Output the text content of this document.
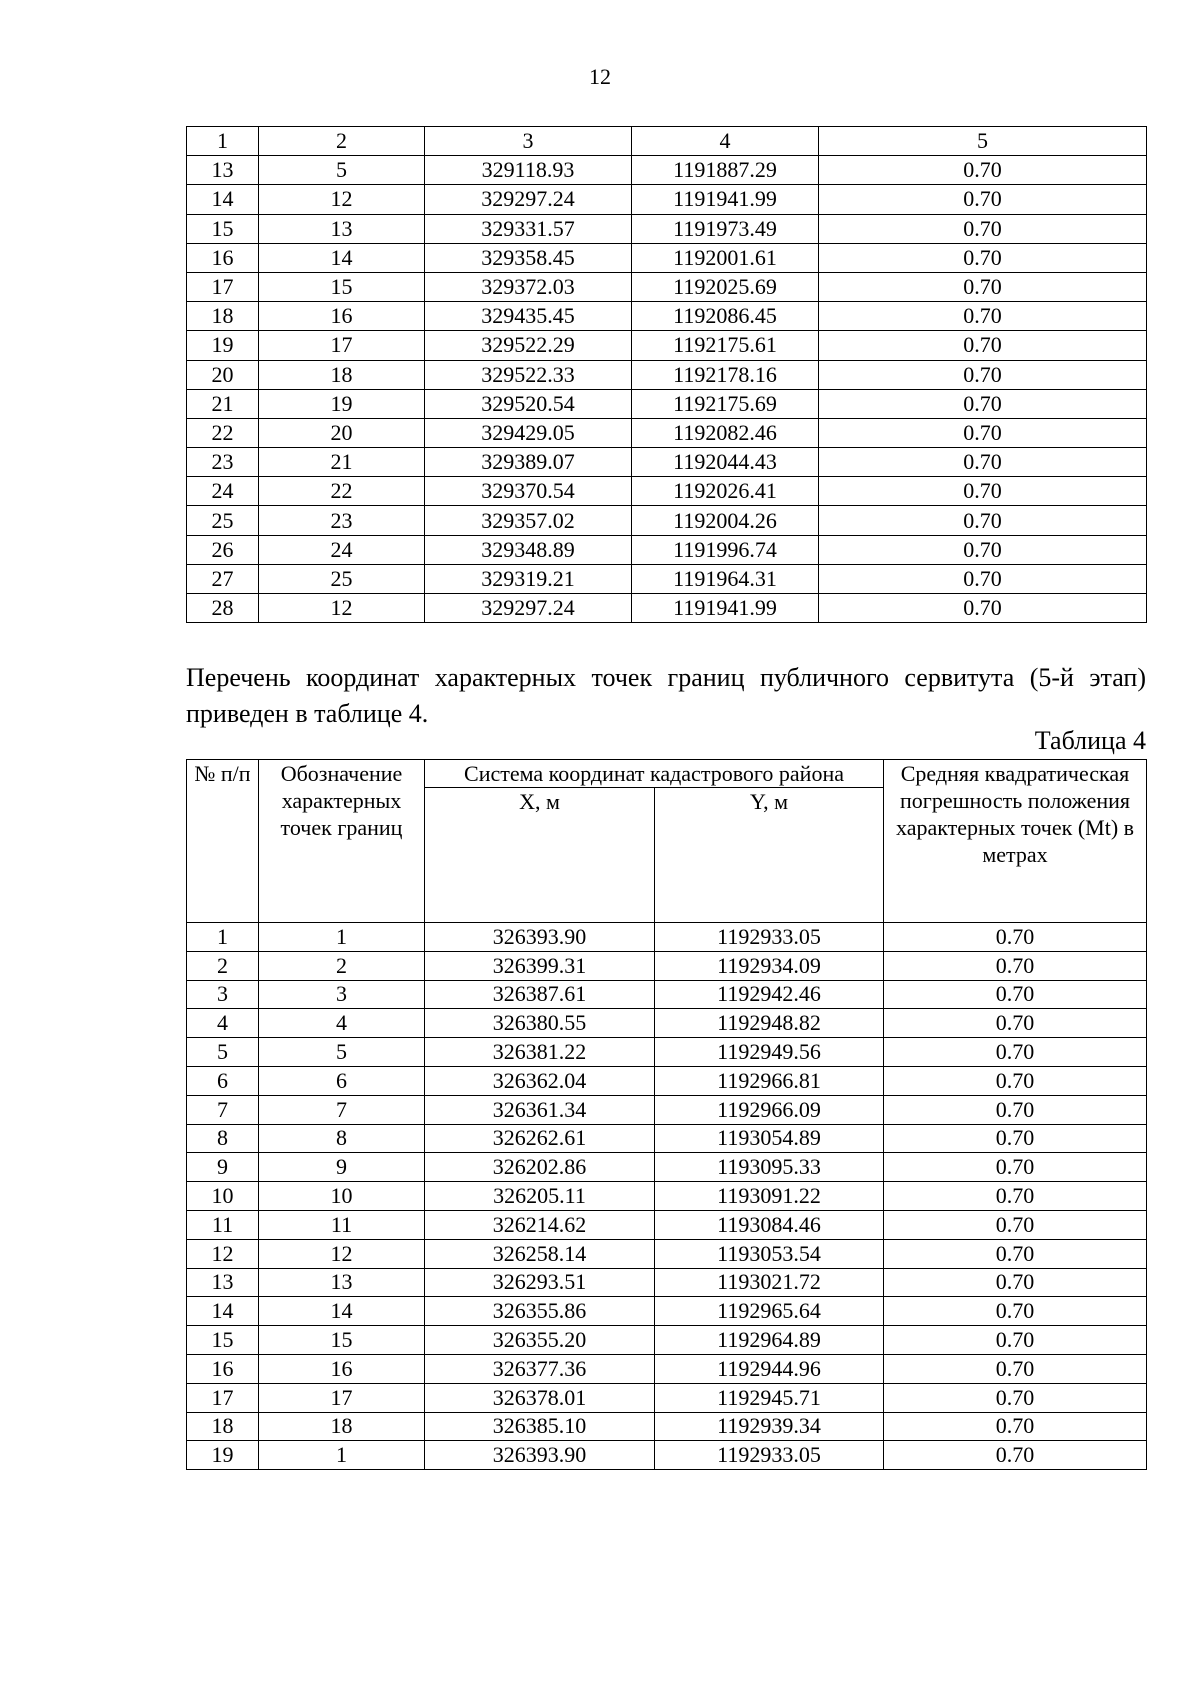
12
1	2	3	4	5
13	5	329118.93	1191887.29	0.70
14	12	329297.24	1191941.99	0.70
15	13	329331.57	1191973.49	0.70
16	14	329358.45	1192001.61	0.70
17	15	329372.03	1192025.69	0.70
18	16	329435.45	1192086.45	0.70
19	17	329522.29	1192175.61	0.70
20	18	329522.33	1192178.16	0.70
21	19	329520.54	1192175.69	0.70
22	20	329429.05	1192082.46	0.70
23	21	329389.07	1192044.43	0.70
24	22	329370.54	1192026.41	0.70
25	23	329357.02	1192004.26	0.70
26	24	329348.89	1191996.74	0.70
27	25	329319.21	1191964.31	0.70
28	12	329297.24	1191941.99	0.70
Перечень координат характерных точек границ публичного сервитута (5-й этап) приведен в таблице 4.
Таблица 4
№ п/п	Обозначение характерных точек границ	Система координат кадастрового района		Средняя квадратическая погрешность положения характерных точек (Mt) в метрах
		X, м	Y, м	
1	1	326393.90	1192933.05	0.70
2	2	326399.31	1192934.09	0.70
3	3	326387.61	1192942.46	0.70
4	4	326380.55	1192948.82	0.70
5	5	326381.22	1192949.56	0.70
6	6	326362.04	1192966.81	0.70
7	7	326361.34	1192966.09	0.70
8	8	326262.61	1193054.89	0.70
9	9	326202.86	1193095.33	0.70
10	10	326205.11	1193091.22	0.70
11	11	326214.62	1193084.46	0.70
12	12	326258.14	1193053.54	0.70
13	13	326293.51	1193021.72	0.70
14	14	326355.86	1192965.64	0.70
15	15	326355.20	1192964.89	0.70
16	16	326377.36	1192944.96	0.70
17	17	326378.01	1192945.71	0.70
18	18	326385.10	1192939.34	0.70
19	1	326393.90	1192933.05	0.70
